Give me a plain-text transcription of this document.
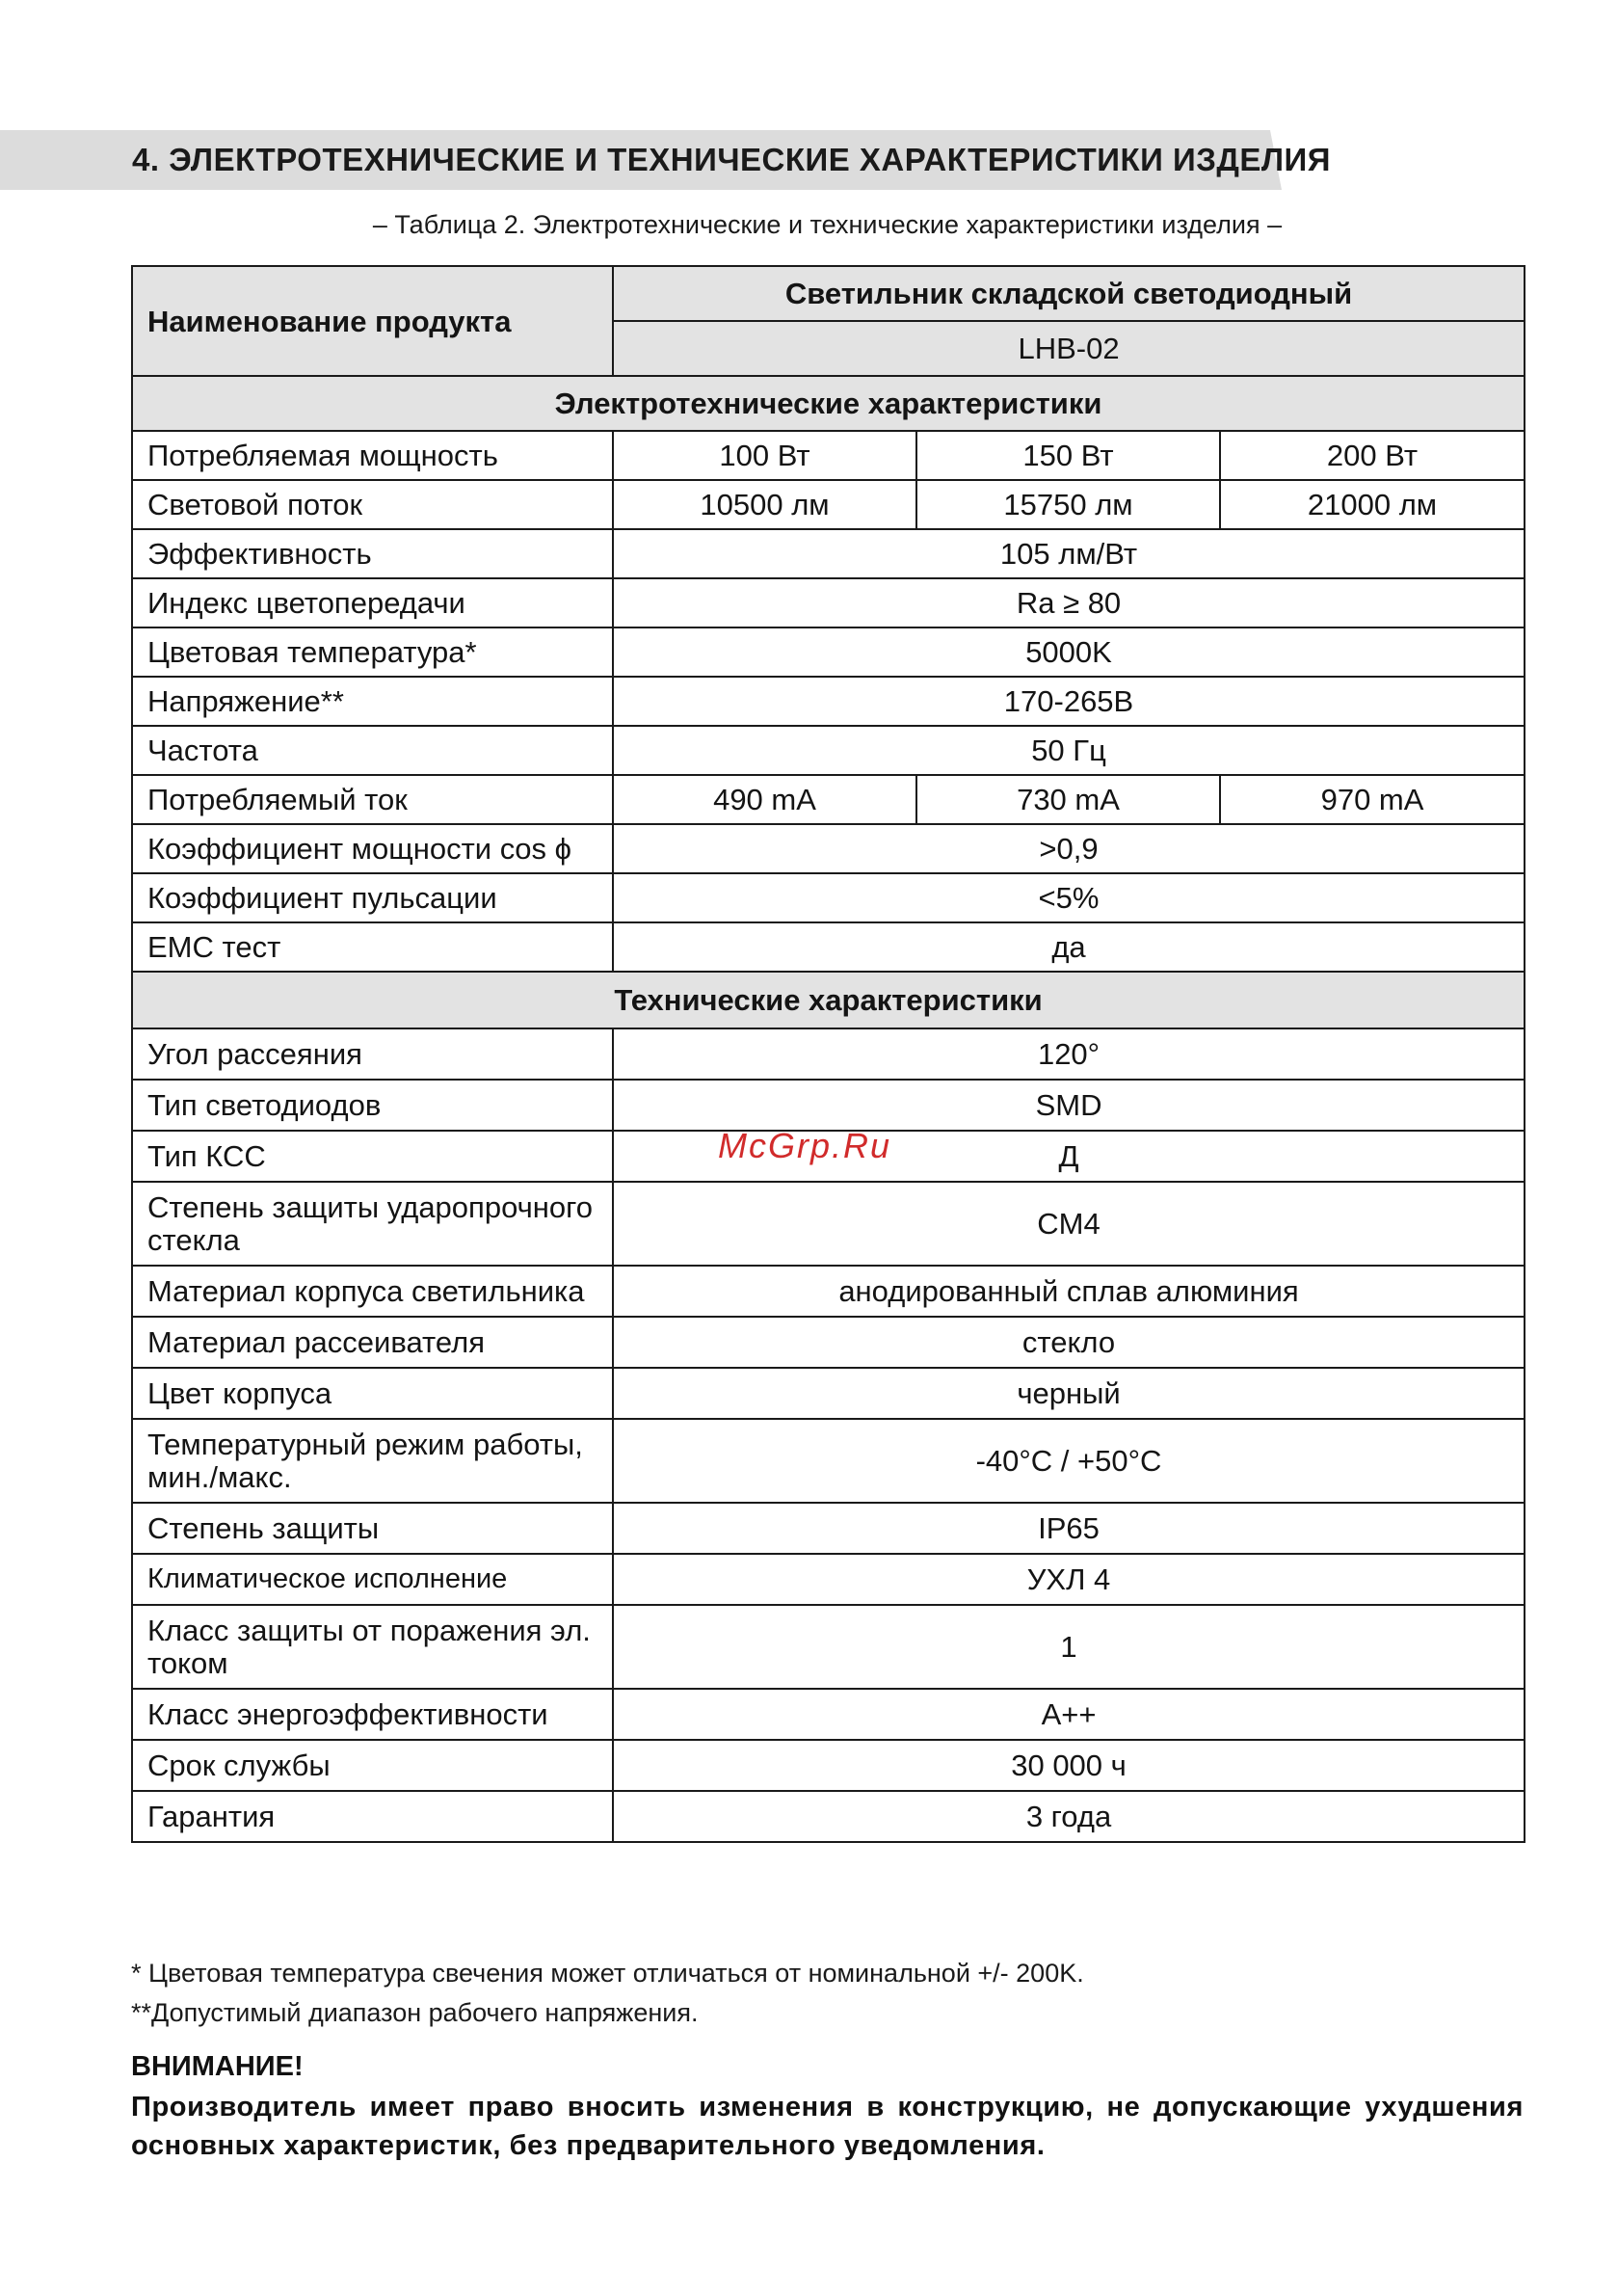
4. ЭЛЕКТРОТЕХНИЧЕСКИЕ И ТЕХНИЧЕСКИЕ ХАРАКТЕРИСТИКИ ИЗДЕЛИЯ
– Таблица 2. Электротехнические и технические характеристики изделия –
Наименование продукта	Светильник складской светодиодный		
	LHB-02		
Электротехнические характеристики			
Потребляемая мощность	100 Вт	150 Вт	200 Вт
Световой поток	10500 лм	15750 лм	21000 лм
Эффективность	105 лм/Вт		
Индекс цветопередачи	Ra ≥ 80		
Цветовая температура*	5000K		
Напряжение**	170-265В		
Частота	50 Гц		
Потребляемый ток	490 mA	730 mA	970 mA
Коэффициент мощности cos ϕ	>0,9		
Коэффициент пульсации	<5%		
EMC тест	да		
Технические характеристики			
Угол рассеяния	120°		
Тип светодиодов	SMD		
Тип КСС	Д		
Степень защиты ударопрочного стекла	CM4		
Материал корпуса светильника	анодированный сплав алюминия		
Материал рассеивателя	стекло		
Цвет корпуса	черный		
Температурный режим работы, мин./макс.	-40°C / +50°C		
Степень защиты	IP65		
Климатическое исполнение	УХЛ 4		
Класс защиты от поражения эл. током	1		
Класс энергоэффективности	A++		
Срок службы	30 000 ч		
Гарантия	3 года		
McGrp.Ru
* Цветовая температура свечения может отличаться от номинальной +/- 200K.
**Допустимый диапазон рабочего напряжения.
ВНИМАНИЕ!
Производитель имеет право вносить изменения в конструкцию, не допускающие ухудшения основных характеристик, без предварительного уведомления.
